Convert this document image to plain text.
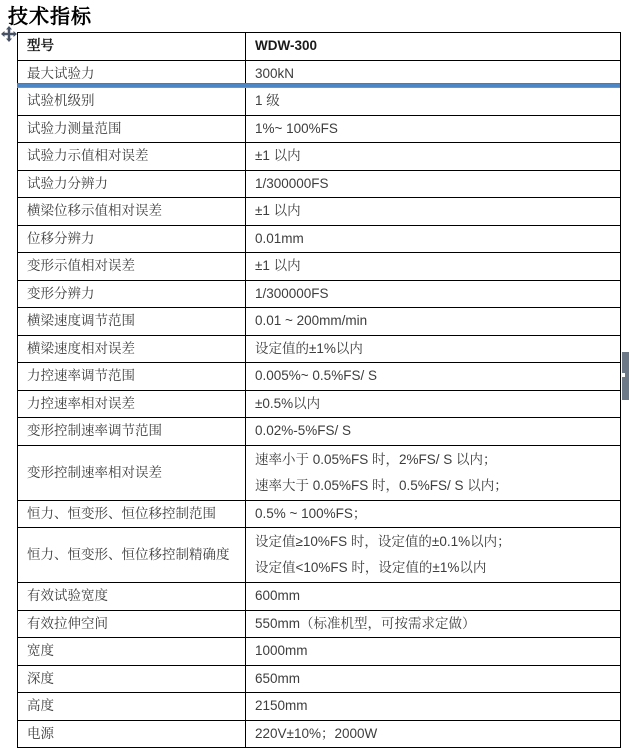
技术指标
型号	WDW-300
最大试验力	300kN
试验机级别	1 级
试验力测量范围	1%~ 100%FS
试验力示值相对误差	±1 以内
试验力分辨力	1/300000FS
横梁位移示值相对误差	±1 以内
位移分辨力	0.01mm
变形示值相对误差	±1 以内
变形分辨力	1/300000FS
横梁速度调节范围	0.01 ~ 200mm/min
横梁速度相对误差	设定值的±1%以内
力控速率调节范围	0.005%~ 0.5%FS/ S
力控速率相对误差	±0.5%以内
变形控制速率调节范围	0.02%-5%FS/ S
变形控制速率相对误差	速率小于 0.05%FS 时，2%FS/ S 以内；
速率大于 0.05%FS 时，0.5%FS/ S 以内；

恒力、恒变形、恒位移控制范围	0.5% ~ 100%FS；
恒力、恒变形、恒位移控制精确度	设定值≥10%FS 时，设定值的±0.1%以内；
设定值<10%FS 时，设定值的±1%以内

有效试验宽度	600mm
有效拉伸空间	550mm（标准机型，可按需求定做）
宽度	1000mm
深度	650mm
高度	2150mm
电源	220V±10%；2000W
